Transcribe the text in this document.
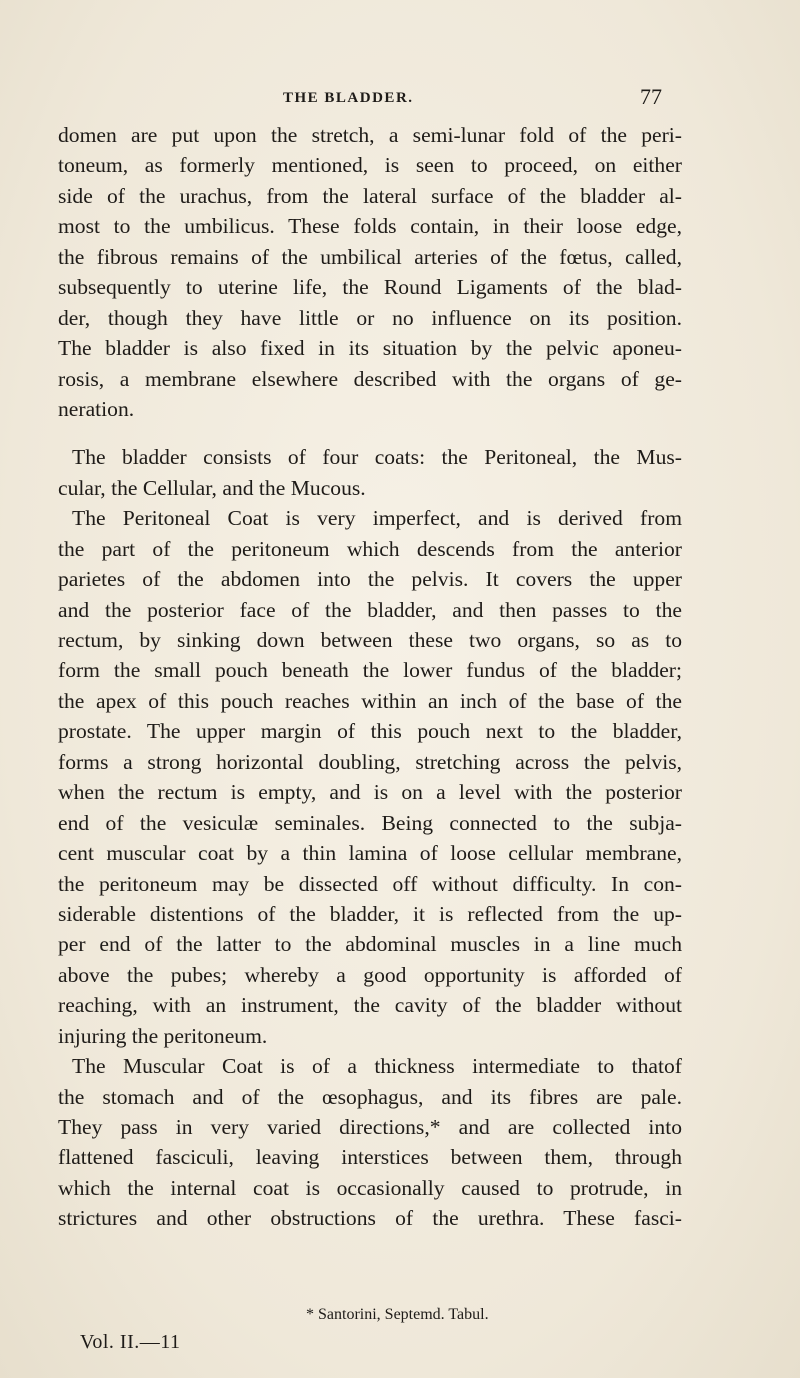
THE BLADDER.	77
domen are put upon the stretch, a semi-lunar fold of the peri-
toneum, as formerly mentioned, is seen to proceed, on either
side of the urachus, from the lateral surface of the bladder al-
most to the umbilicus. These folds contain, in their loose edge,
the fibrous remains of the umbilical arteries of the fœtus, called,
subsequently to uterine life, the Round Ligaments of the blad-
der, though they have little or no influence on its position.
The bladder is also fixed in its situation by the pelvic aponeu-
rosis, a membrane elsewhere described with the organs of ge-
neration.
The bladder consists of four coats: the Peritoneal, the Mus-
cular, the Cellular, and the Mucous.
The Peritoneal Coat is very imperfect, and is derived from
the part of the peritoneum which descends from the anterior
parietes of the abdomen into the pelvis. It covers the upper
and the posterior face of the bladder, and then passes to the
rectum, by sinking down between these two organs, so as to
form the small pouch beneath the lower fundus of the bladder;
the apex of this pouch reaches within an inch of the base of the
prostate. The upper margin of this pouch next to the bladder,
forms a strong horizontal doubling, stretching across the pelvis,
when the rectum is empty, and is on a level with the posterior
end of the vesiculæ seminales. Being connected to the subja-
cent muscular coat by a thin lamina of loose cellular membrane,
the peritoneum may be dissected off without difficulty. In con-
siderable distentions of the bladder, it is reflected from the up-
per end of the latter to the abdominal muscles in a line much
above the pubes; whereby a good opportunity is afforded of
reaching, with an instrument, the cavity of the bladder without
injuring the peritoneum.
The Muscular Coat is of a thickness intermediate to thatof
the stomach and of the œsophagus, and its fibres are pale.
They pass in very varied directions,* and are collected into
flattened fasciculi, leaving interstices between them, through
which the internal coat is occasionally caused to protrude, in
strictures and other obstructions of the urethra. These fasci-
* Santorini, Septemd. Tabul.
Vol. II.—11
